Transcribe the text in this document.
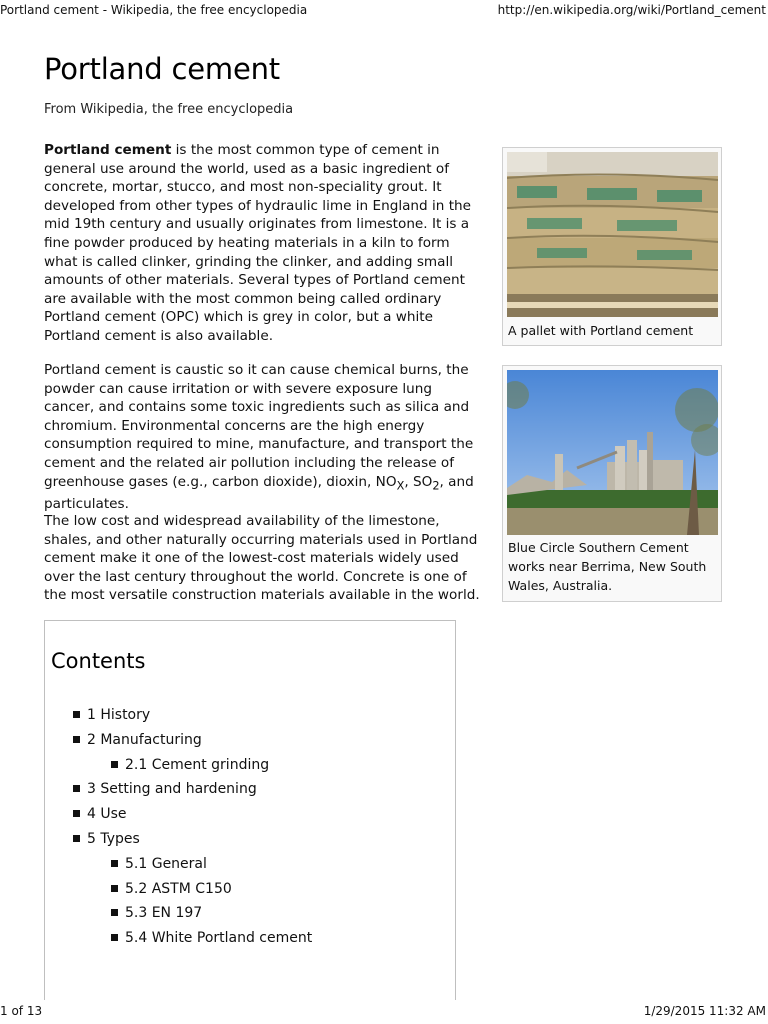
Portland cement - Wikipedia, the free encyclopedia	http://en.wikipedia.org/wiki/Portland_cement
Portland cement
From Wikipedia, the free encyclopedia
Portland cement is the most common type of cement in general use around the world, used as a basic ingredient of concrete, mortar, stucco, and most non-speciality grout. It developed from other types of hydraulic lime in England in the mid 19th century and usually originates from limestone. It is a fine powder produced by heating materials in a kiln to form what is called clinker, grinding the clinker, and adding small amounts of other materials. Several types of Portland cement are available with the most common being called ordinary Portland cement (OPC) which is grey in color, but a white Portland cement is also available.
Portland cement is caustic so it can cause chemical burns, the powder can cause irritation or with severe exposure lung cancer, and contains some toxic ingredients such as silica and chromium. Environmental concerns are the high energy consumption required to mine, manufacture, and transport the cement and the related air pollution including the release of greenhouse gases (e.g., carbon dioxide), dioxin, $NO_X$, $SO_2$, and particulates.
The low cost and widespread availability of the limestone, shales, and other naturally occurring materials used in Portland cement make it one of the lowest-cost materials widely used over the last century throughout the world. Concrete is one of the most versatile construction materials available in the world.
A pallet with Portland cement
Blue Circle Southern Cement works near Berrima, New South Wales, Australia.
Contents
1 History
2 Manufacturing
2.1 Cement grinding
3 Setting and hardening
4 Use
5 Types
5.1 General
5.2 ASTM C150
5.3 EN 197
5.4 White Portland cement
1 of 13	1/29/2015 11:32 AM
